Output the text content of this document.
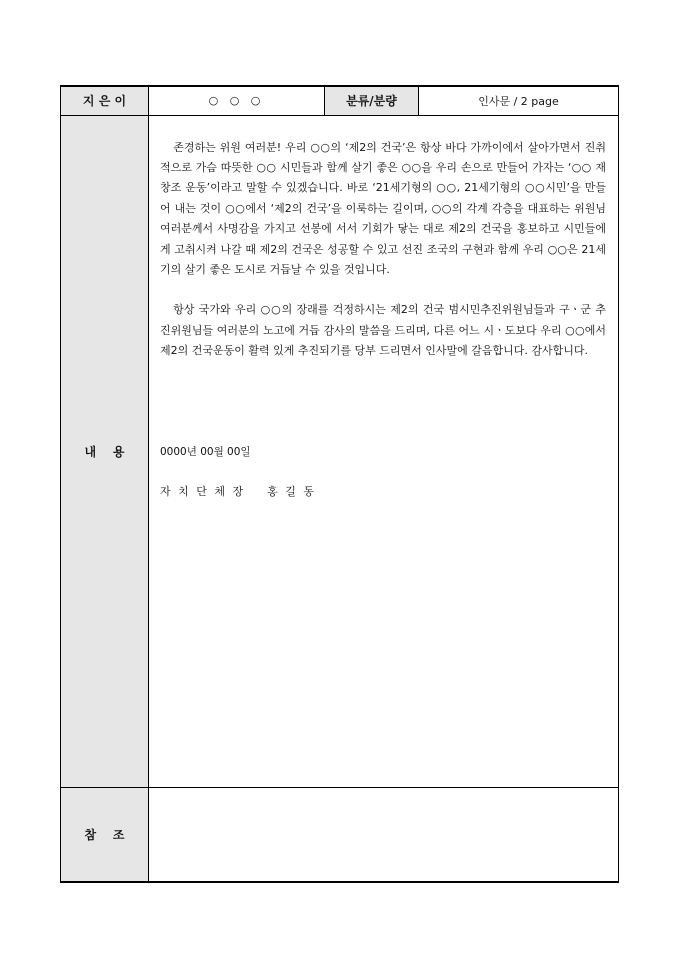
지 은 이	○ ○ ○	분류/분량	인사문 / 2 page
내    용	존경하는 위원 여러분! 우리 ○○의 ‘제2의 건국’은 항상 바다 가까이에서 살아가면서 진취적으로 가슴 따뜻한 ○○ 시민들과 함께 살기 좋은 ○○을 우리 손으로 만들어 가자는 ‘○○ 재창조 운동’이라고 말할 수 있겠습니다. 바로 ‘21세기형의 ○○, 21세기형의 ○○시민’을 만들어 내는 것이 ○○에서 ‘제2의 건국’을 이룩하는 길이며, ○○의 각계 각층을 대표하는 위원님 여러분께서 사명감을 가지고 선봉에 서서 기회가 닿는 대로 제2의 건국을 홍보하고 시민들에게 고취시켜 나갈 때 제2의 건국은 성공할 수 있고 선진 조국의 구현과 함께 우리 ○○은 21세기의 살기 좋은 도시로 거듭날 수 있을 것입니다.

항상 국가와 우리 ○○의 장래를 걱정하시는 제2의 건국 범시민추진위원님들과 구ㆍ군 추진위원님들 여러분의 노고에 거듭 감사의 말씀을 드리며, 다른 어느 시ㆍ도보다 우리 ○○에서 제2의 건국운동이 활력 있게 추진되기를 당부 드리면서 인사말에 갈음합니다. 감사합니다.

0000년 00월 00일

자 치 단 체 장    홍 길 동		

참    조			
